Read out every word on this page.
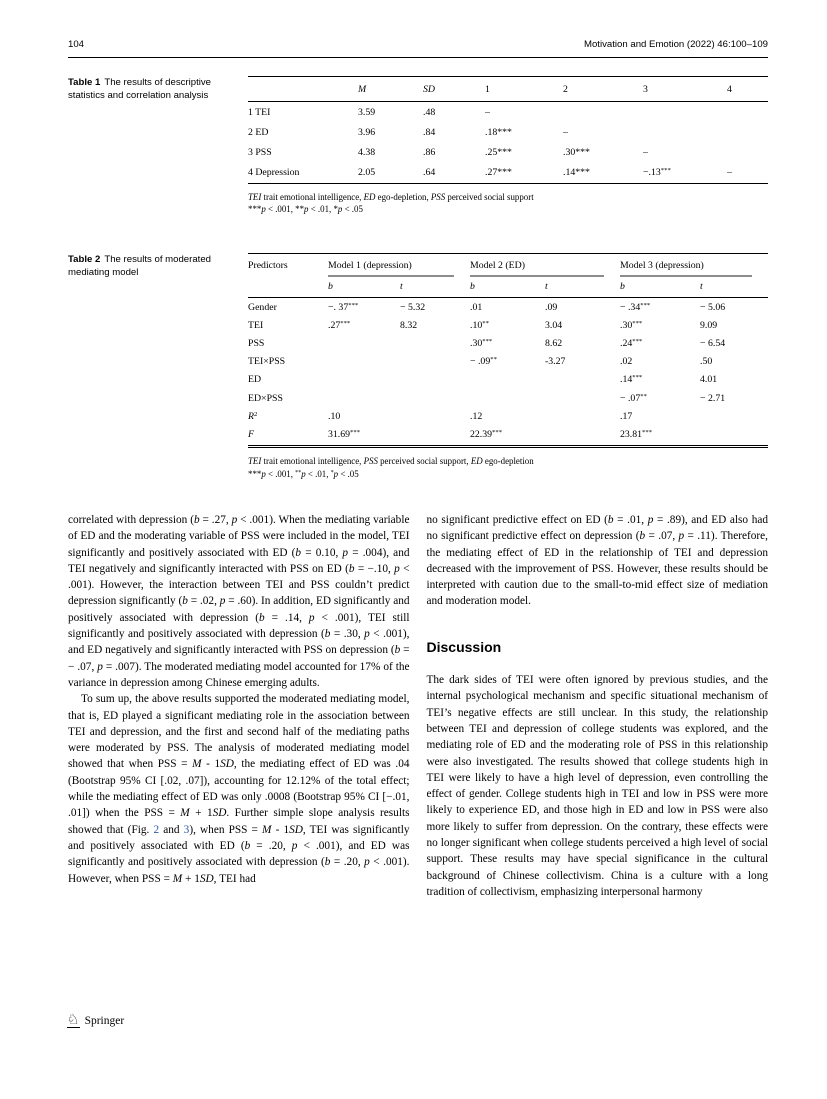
104	Motivation and Emotion (2022) 46:100–109
Table 1 The results of descriptive statistics and correlation analysis
	M	SD	1	2	3	4
1 TEI	3.59	.48	–			
2 ED	3.96	.84	.18***	–		
3 PSS	4.38	.86	.25***	.30***	–	
4 Depression	2.05	.64	.27***	.14***	−.13***	–
TEI trait emotional intelligence, ED ego-depletion, PSS perceived social support
***p < .001, **p < .01, *p < .05
Table 2 The results of moderated mediating model
Predictors	Model 1 (depression)		Model 2 (ED)		Model 3 (depression)	

	b	t	b	t	b	t
Gender	−. 37***	− 5.32	.01	.09	− .34***	− 5.06
TEI	.27***	8.32	.10**	3.04	.30***	9.09
PSS			.30***	8.62	.24***	− 6.54
TEI×PSS			− .09**	-3.27	.02	.50
ED					.14***	4.01
ED×PSS					− .07**	− 2.71
$R^2$	.10		.12		.17	
F	31.69***		22.39***		23.81***	
TEI trait emotional intelligence, PSS perceived social support, ED ego-depletion
***p < .001, **p < .01, *p < .05

correlated with depression (b = .27, p < .001). When the mediating variable of ED and the moderating variable of PSS were included in the model, TEI significantly and positively associated with ED (b = 0.10, p = .004), and TEI negatively and significantly interacted with PSS on ED (b = −.10, p < .001). However, the interaction between TEI and PSS couldn’t predict depression significantly (b = .02, p = .60). In addition, ED significantly and positively associated with depression (b = .14, p < .001), TEI still significantly and positively associated with depression (b = .30, p < .001), and ED negatively and significantly interacted with PSS on depression (b = − .07, p = .007). The moderated mediating model accounted for 17% of the variance in depression among Chinese emerging adults.

To sum up, the above results supported the moderated mediating model, that is, ED played a significant mediating role in the association between TEI and depression, and the first and second half of the mediating paths were moderated by PSS. The analysis of moderated mediating model showed that when PSS = M - 1SD, the mediating effect of ED was .04 (Bootstrap 95% CI [.02, .07]), accounting for 12.12% of the total effect; while the mediating effect of ED was only .0008 (Bootstrap 95% CI [−.01, .01]) when the PSS = M + 1SD. Further simple slope analysis results showed that (Fig. 2 and 3), when PSS = M - 1SD, TEI was significantly and positively associated with ED (b = .20, p < .001), and ED was significantly and positively associated with depression (b = .20, p < .001). However, when PSS = M + 1SD, TEI had

no significant predictive effect on ED (b = .01, p = .89), and ED also had no significant predictive effect on depression (b = .07, p = .11). Therefore, the mediating effect of ED in the relationship of TEI and depression decreased with the improvement of PSS. However, these results should be interpreted with caution due to the small-to-mid effect size of mediation and moderation model.

Discussion

The dark sides of TEI were often ignored by previous studies, and the internal psychological mechanism and specific situational mechanism of TEI’s negative effects are still unclear. In this study, the relationship between TEI and depression of college students was explored, and the mediating role of ED and the moderating role of PSS in this relationship were also investigated. The results showed that college students high in TEI were likely to have a high level of depression, even controlling the effect of gender. College students high in TEI and low in PSS were more likely to experience ED, and those high in ED and low in PSS were also more likely to suffer from depression. On the contrary, these effects were no longer significant when college students perceived a high level of social support. These results may have special significance in the cultural background of Chinese collectivism. China is a culture with a long tradition of collectivism, emphasizing interpersonal harmony

♘ Springer
